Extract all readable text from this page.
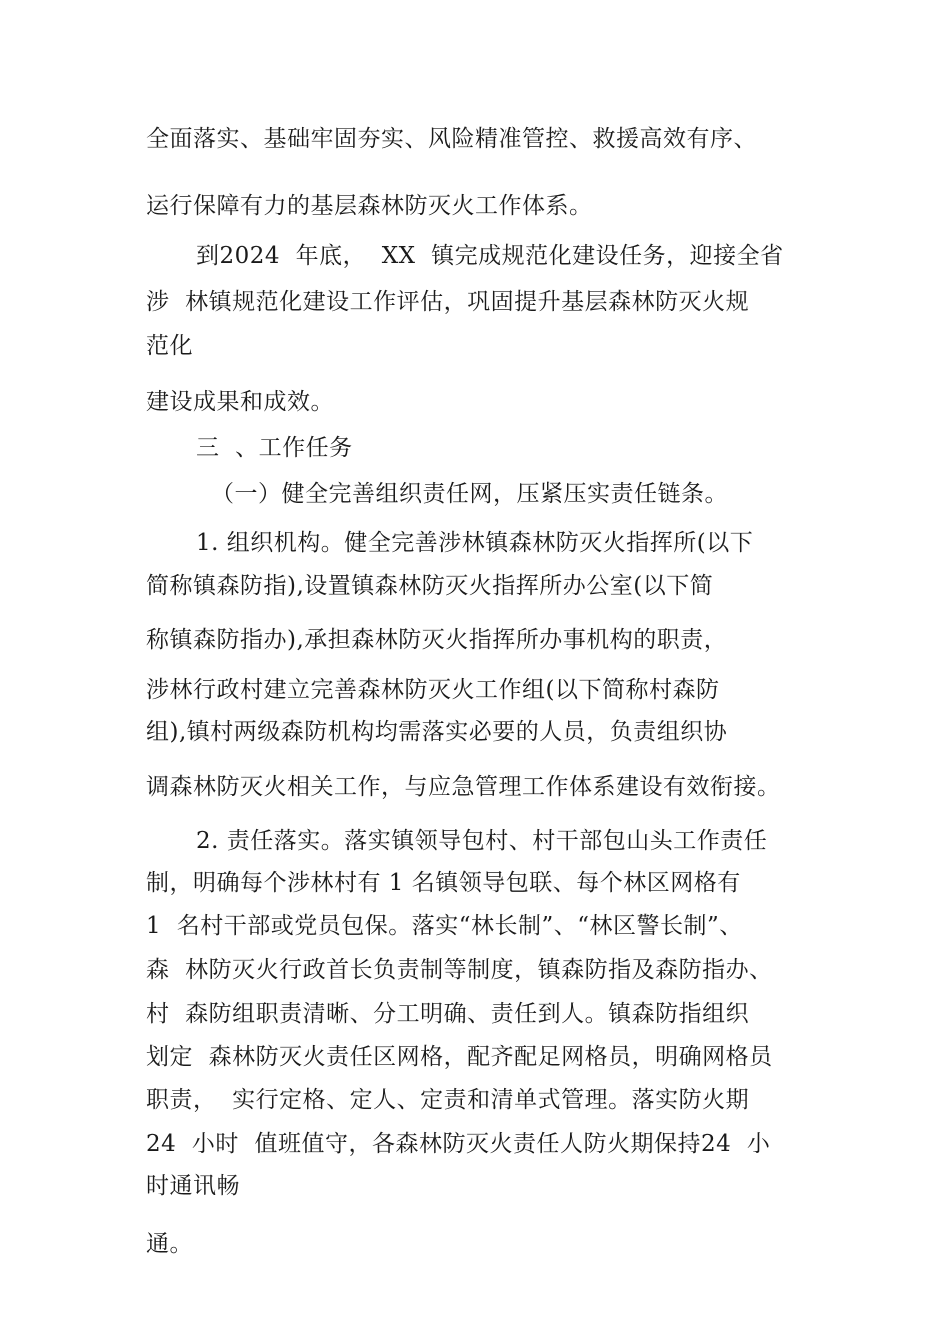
全面落实、基础牢固夯实、风险精准管控、救援高效有序、
运行保障有力的基层森林防灭火工作体系。
到2024  年底，  XX  镇完成规范化建设任务，迎接全省
涉  林镇规范化建设工作评估，巩固提升基层森林防灭火规
范化
建设成果和成效。
三  、工作任务
（一）健全完善组织责任网，压紧压实责任链条。
1. 组织机构。健全完善涉林镇森林防灭火指挥所(以下
简称镇森防指),设置镇森林防灭火指挥所办公室(以下简
称镇森防指办),承担森林防灭火指挥所办事机构的职责，
涉林行政村建立完善森林防灭火工作组(以下简称村森防
组),镇村两级森防机构均需落实必要的人员，负责组织协
调森林防灭火相关工作，与应急管理工作体系建设有效衔接。
2. 责任落实。落实镇领导包村、村干部包山头工作责任
制，明确每个涉林村有 1 名镇领导包联、每个林区网格有
1  名村干部或党员包保。落实“林长制”、“林区警长制”、
森  林防灭火行政首长负责制等制度，镇森防指及森防指办、
村  森防组职责清晰、分工明确、责任到人。镇森防指组织
划定  森林防灭火责任区网格，配齐配足网格员，明确网格员
职责，  实行定格、定人、定责和清单式管理。落实防火期
24  小时  值班值守，各森林防灭火责任人防火期保持24  小
时通讯畅
通。
